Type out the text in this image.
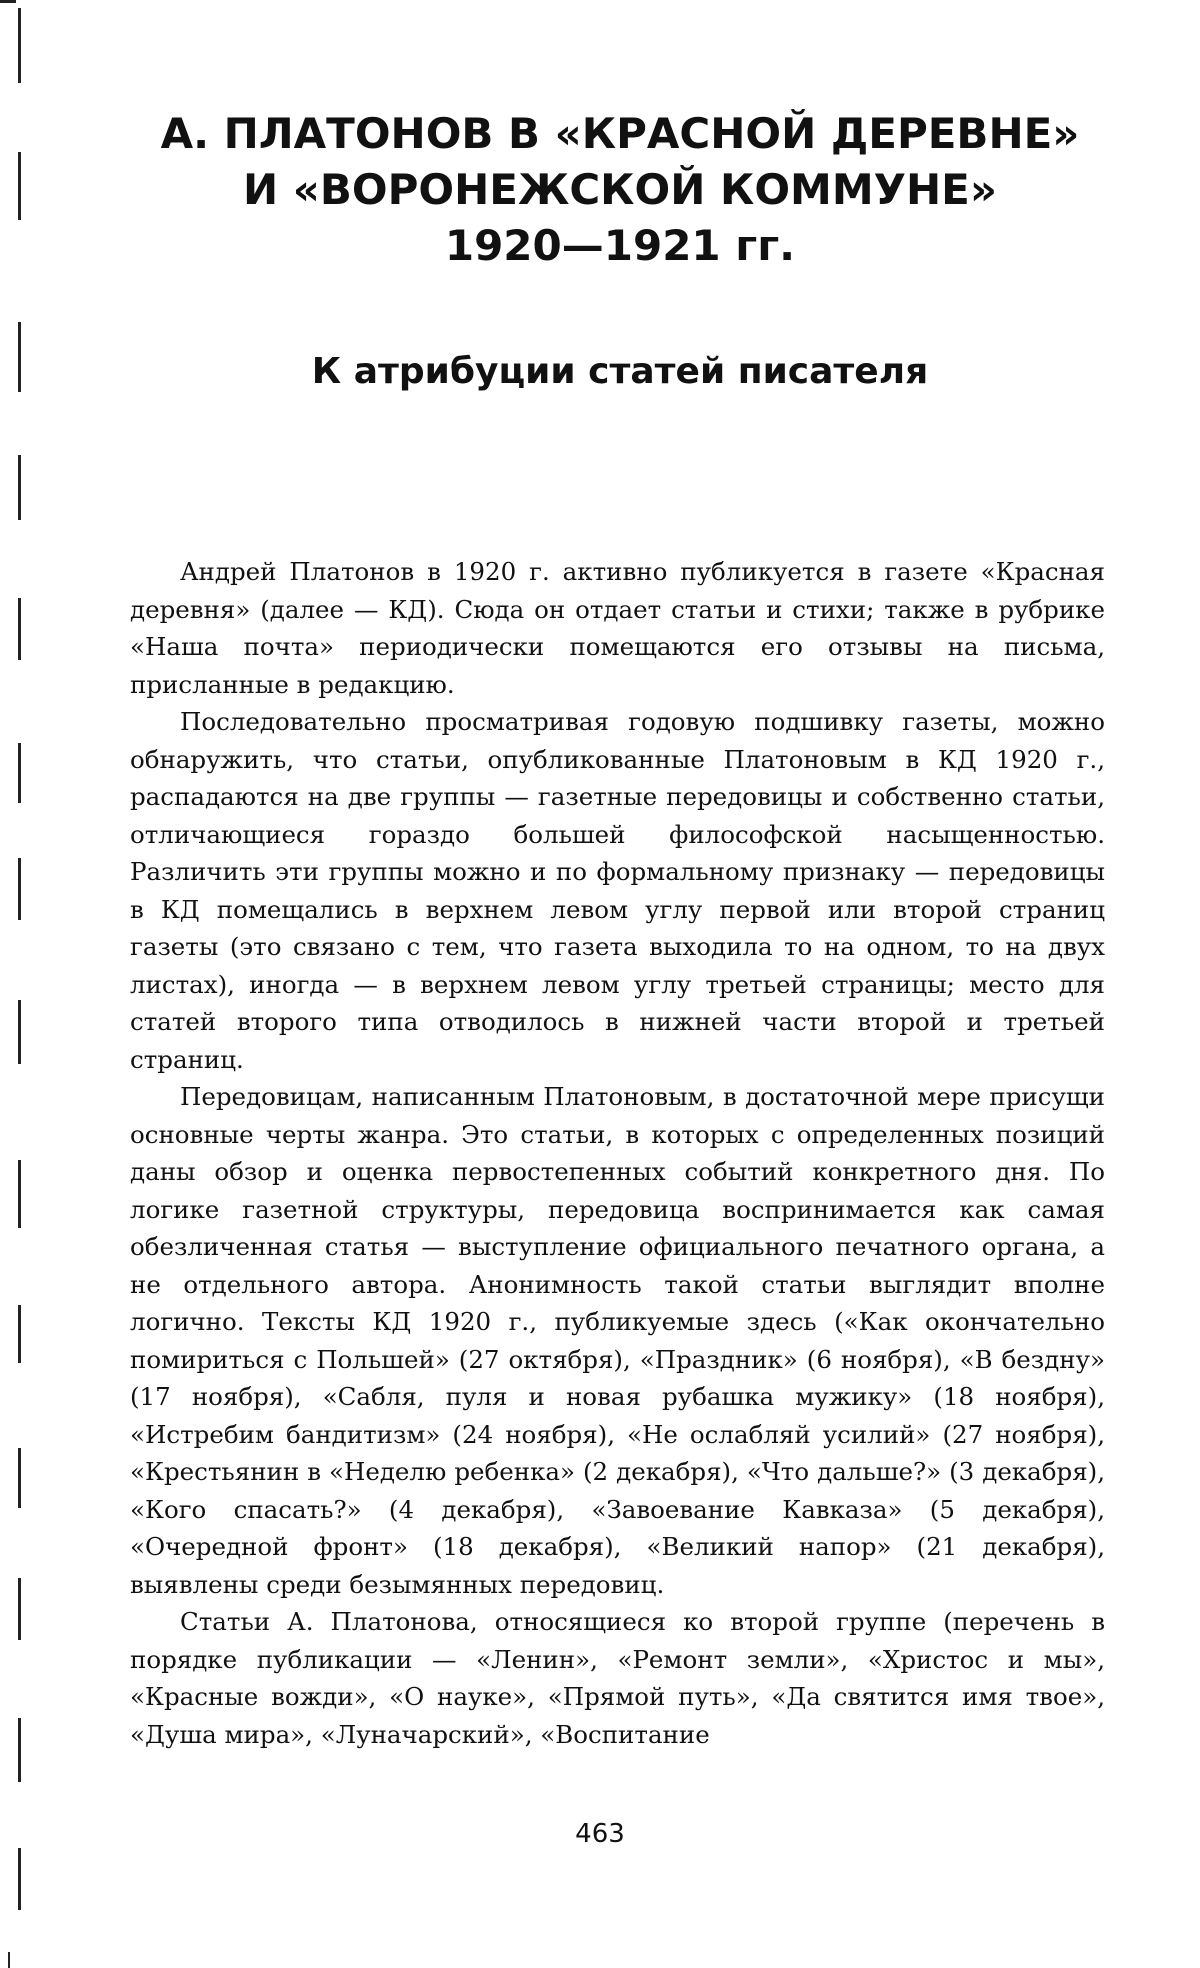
А. ПЛАТОНОВ В «КРАСНОЙ ДЕРЕВНЕ»
И «ВОРОНЕЖСКОЙ КОММУНЕ»
1920—1921 гг.
К атрибуции статей писателя

Андрей Платонов в 1920 г. активно публикуется в газете «Красная деревня» (далее — КД). Сюда он отдает статьи и стихи; также в рубрике «Наша почта» периодически помещаются его отзывы на письма, присланные в редакцию.

Последовательно просматривая годовую подшивку газеты, можно обнаружить, что статьи, опубликованные Платоновым в КД 1920 г., распадаются на две группы — газетные передовицы и собственно статьи, отличающиеся гораздо большей философской насыщенностью. Различить эти группы можно и по формальному признаку — передовицы в КД помещались в верхнем левом углу первой или второй страниц газеты (это связано с тем, что газета выходила то на одном, то на двух листах), иногда — в верхнем левом углу третьей страницы; место для статей второго типа отводилось в нижней части второй и третьей страниц.

Передовицам, написанным Платоновым, в достаточной мере присущи основные черты жанра. Это статьи, в которых с определенных позиций даны обзор и оценка первостепенных событий конкретного дня. По логике газетной структуры, передовица воспринимается как самая обезличенная статья — выступление официального печатного органа, а не отдельного автора. Анонимность такой статьи выглядит вполне логично. Тексты КД 1920 г., публикуемые здесь («Как окончательно помириться с Польшей» (27 октября), «Праздник» (6 ноября), «В бездну» (17 ноября), «Сабля, пуля и новая рубашка мужику» (18 ноября), «Истребим бандитизм» (24 ноября), «Не ослабляй усилий» (27 ноября), «Крестьянин в «Неделю ребенка» (2 декабря), «Что дальше?» (3 декабря), «Кого спасать?» (4 декабря), «Завоевание Кавказа» (5 декабря), «Очередной фронт» (18 декабря), «Великий напор» (21 декабря), выявлены среди безымянных передовиц.

Статьи А. Платонова, относящиеся ко второй группе (перечень в порядке публикации — «Ленин», «Ремонт земли», «Христос и мы», «Красные вожди», «О науке», «Прямой путь», «Да святится имя твое», «Душа мира», «Луначарский», «Воспитание

463
